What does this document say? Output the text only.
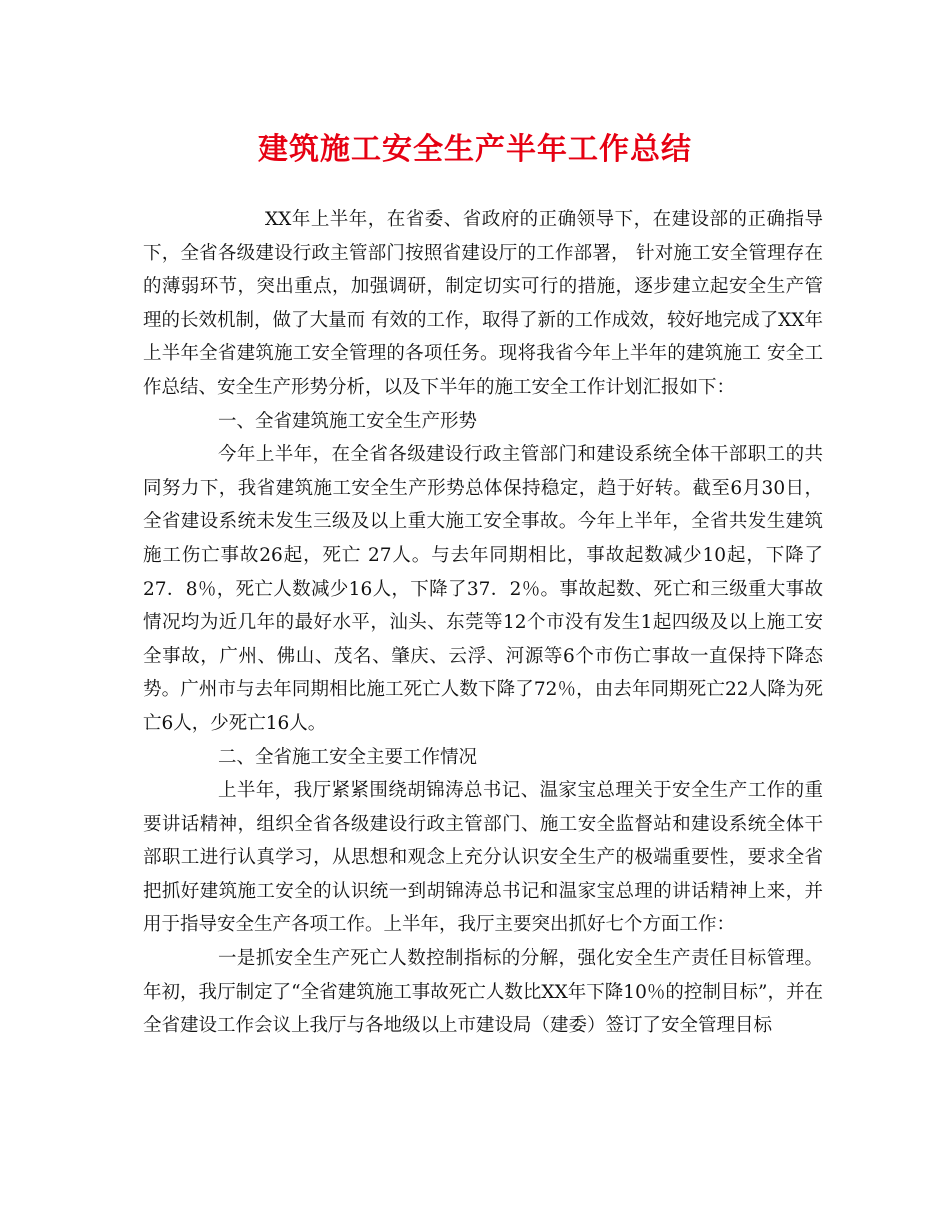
建筑施工安全生产半年工作总结

XX年上半年，在省委、省政府的正确领导下，在建设部的正确指导下，全省各级建设行政主管部门按照省建设厅的工作部署， 针对施工安全管理存在的薄弱环节，突出重点，加强调研，制定切实可行的措施，逐步建立起安全生产管理的长效机制，做了大量而 有效的工作，取得了新的工作成效，较好地完成了XX年上半年全省建筑施工安全管理的各项任务。现将我省今年上半年的建筑施工 安全工作总结、安全生产形势分析，以及下半年的施工安全工作计划汇报如下：

一、全省建筑施工安全生产形势

今年上半年，在全省各级建设行政主管部门和建设系统全体干部职工的共同努力下，我省建筑施工安全生产形势总体保持稳定，趋于好转。截至6月30日，全省建设系统未发生三级及以上重大施工安全事故。今年上半年，全省共发生建筑施工伤亡事故26起，死亡 27人。与去年同期相比，事故起数减少10起，下降了27．8％，死亡人数减少16人，下降了37．2％。事故起数、死亡和三级重大事故情况均为近几年的最好水平，汕头、东莞等12个市没有发生1起四级及以上施工安全事故，广州、佛山、茂名、肇庆、云浮、河源等6个市伤亡事故一直保持下降态势。广州市与去年同期相比施工死亡人数下降了72％，由去年同期死亡22人降为死亡6人，少死亡16人。

二、全省施工安全主要工作情况

上半年，我厅紧紧围绕胡锦涛总书记、温家宝总理关于安全生产工作的重要讲话精神，组织全省各级建设行政主管部门、施工安全监督站和建设系统全体干部职工进行认真学习，从思想和观念上充分认识安全生产的极端重要性，要求全省把抓好建筑施工安全的认识统一到胡锦涛总书记和温家宝总理的讲话精神上来，并用于指导安全生产各项工作。上半年，我厅主要突出抓好七个方面工作：

一是抓安全生产死亡人数控制指标的分解，强化安全生产责任目标管理。年初，我厅制定了“全省建筑施工事故死亡人数比XX年下降10％的控制目标”，并在全省建设工作会议上我厅与各地级以上市建设局（建委）签订了安全管理目标
